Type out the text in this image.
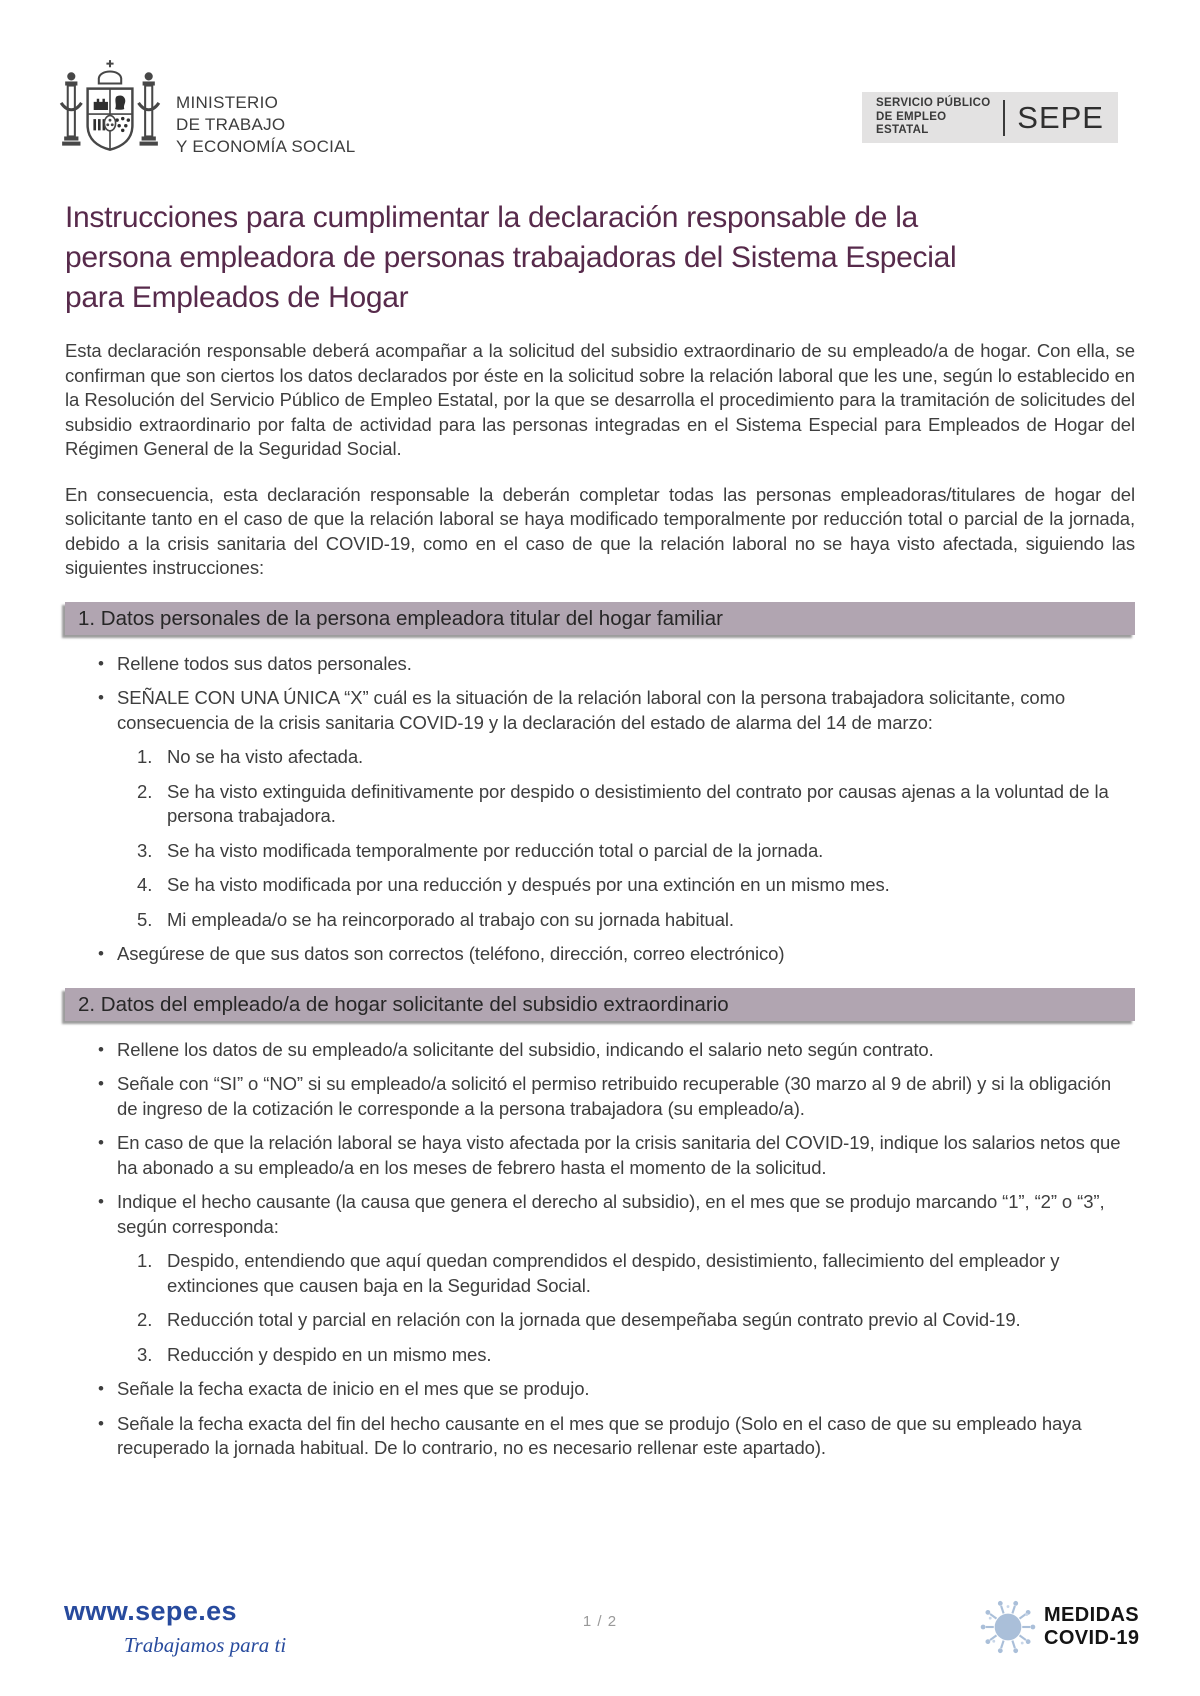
MINISTERIO
DE TRABAJO
Y ECONOMÍA SOCIAL
SERVICIO PÚBLICO
DE EMPLEO ESTATAL	SEPE
Instrucciones para cumplimentar la declaración responsable de la
persona empleadora de personas trabajadoras del Sistema Especial
para Empleados de Hogar

Esta declaración responsable deberá acompañar a la solicitud del subsidio extraordinario de su empleado/a de hogar. Con ella, se confirman que son ciertos los datos declarados por éste en la solicitud sobre la relación laboral que les une, según lo establecido en la Resolución del Servicio Público de Empleo Estatal, por la que se desarrolla el procedimiento para la tramitación de solicitudes del subsidio extraordinario por falta de actividad para las personas integradas en el Sistema Especial para Empleados de Hogar del Régimen General de la Seguridad Social.

En consecuencia, esta declaración responsable la deberán completar todas las personas empleadoras/titulares de hogar del solicitante tanto en el caso de que la relación laboral se haya modificado temporalmente por reducción total o parcial de la jornada, debido a la crisis sanitaria del COVID-19, como en el caso de que la relación laboral no se haya visto afectada, siguiendo las siguientes instrucciones:

1. Datos personales de la persona empleadora titular del hogar familiar
• Rellene todos sus datos personales.
• SEÑALE CON UNA ÚNICA “X” cuál es la situación de la relación laboral con la persona trabajadora solicitante, como consecuencia de la crisis sanitaria COVID-19 y la declaración del estado de alarma del 14 de marzo:
1. No se ha visto afectada.
2. Se ha visto extinguida definitivamente por despido o desistimiento del contrato por causas ajenas a la voluntad de la persona trabajadora.
3. Se ha visto modificada temporalmente por reducción total o parcial de la jornada.
4. Se ha visto modificada por una reducción y después por una extinción en un mismo mes.
5. Mi empleada/o se ha reincorporado al trabajo con su jornada habitual.
• Asegúrese de que sus datos son correctos (teléfono, dirección, correo electrónico)
2. Datos del empleado/a de hogar solicitante del subsidio extraordinario
• Rellene los datos de su empleado/a solicitante del subsidio, indicando el salario neto según contrato.
• Señale con “SI” o “NO” si su empleado/a solicitó el permiso retribuido recuperable (30 marzo al 9 de abril) y si la obligación de ingreso de la cotización le corresponde a la persona trabajadora (su empleado/a).
• En caso de que la relación laboral se haya visto afectada por la crisis sanitaria del COVID-19, indique los salarios netos que ha abonado a su empleado/a en los meses de febrero hasta el momento de la solicitud.
• Indique el hecho causante (la causa que genera el derecho al subsidio), en el mes que se produjo marcando “1”, “2” o “3”, según corresponda:
1. Despido, entendiendo que aquí quedan comprendidos el despido, desistimiento, fallecimiento del empleador y extinciones que causen baja en la Seguridad Social.
2. Reducción total y parcial en relación con la jornada que desempeñaba según contrato previo al Covid-19.
3. Reducción y despido en un mismo mes.
• Señale la fecha exacta de inicio en el mes que se produjo.
• Señale la fecha exacta del fin del hecho causante en el mes que se produjo (Solo en el caso de que su empleado haya recuperado la jornada habitual. De lo contrario, no es necesario rellenar este apartado).
www.sepe.es
Trabajamos para ti
1 / 2	MEDIDAS
COVID-19
